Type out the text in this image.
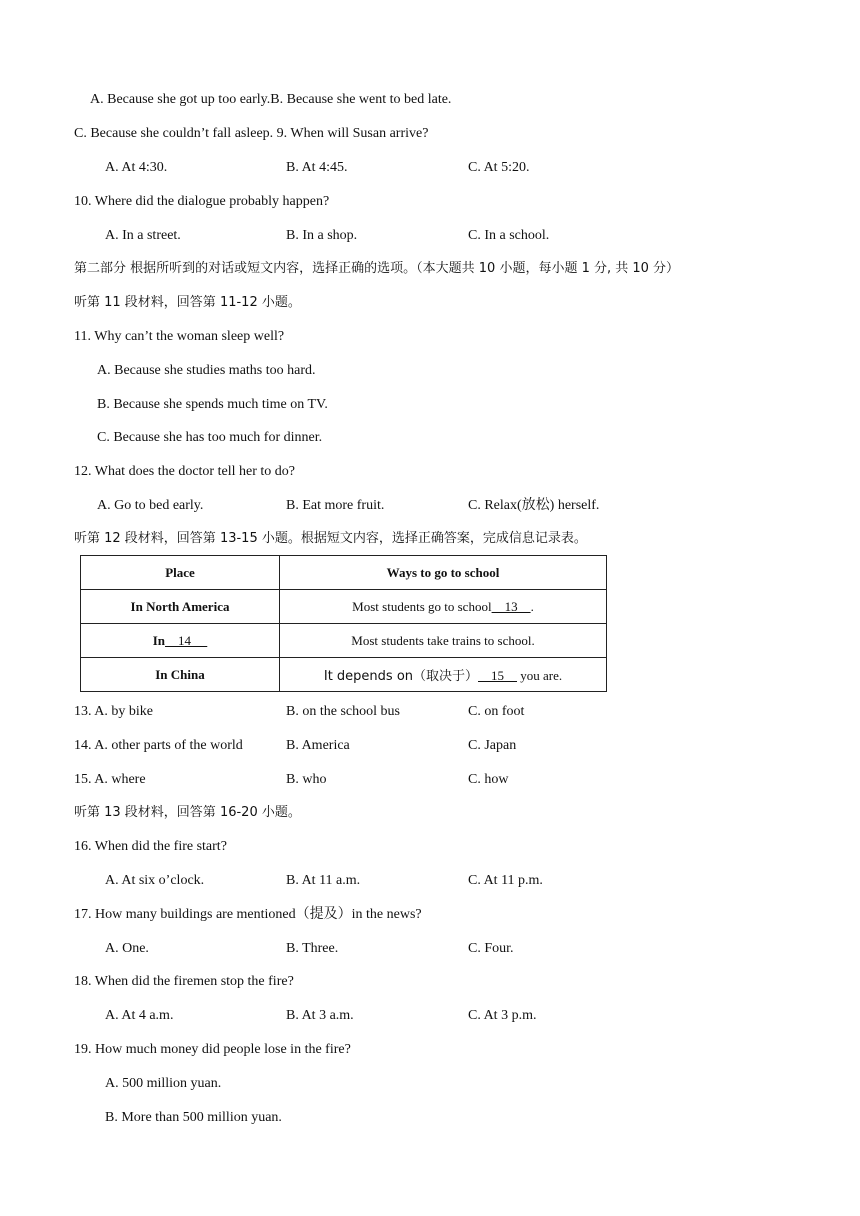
A. Because she got up too early.B. Because she went to bed late.
C. Because she couldn’t fall asleep. 9. When will Susan arrive?
A. At 4:30.	B. At 4:45.	C. At 5:20.
10. Where did the dialogue probably happen?
A. In a street.	B. In a shop.	C. In a school.
第二部分 根据所听到的对话或短文内容，选择正确的选项。（本大题共 10 小题，每小题 1 分, 共 10 分）
听第 11 段材料，回答第 11-12 小题。
11. Why can’t the woman sleep well?
A. Because she studies maths too hard.
B. Because she spends much time on TV.
C. Because she has too much for dinner.
12. What does the doctor tell her to do?
A. Go to bed early.	B. Eat more fruit.	C. Relax(放松) herself.
听第 12 段材料，回答第 13-15 小题。根据短文内容，选择正确答案，完成信息记录表。
Place	Ways to go to school
In North America	Most students go to school    13    .
In    14	Most students take trains to school.
In China	It depends on（取决于）    15     you are.
13. A. by bike	B. on the school bus	C. on foot
14. A. other parts of the world	B. America	C. Japan
15. A. where	B. who	C. how
听第 13 段材料，回答第 16-20 小题。
16. When did the fire start?
A. At six o’clock.	B. At 11 a.m.	C. At 11 p.m.
17. How many buildings are mentioned（提及）in the news?
A. One.	B. Three.	C. Four.
18. When did the firemen stop the fire?
A. At 4 a.m.	B. At 3 a.m.	C. At 3 p.m.
19. How much money did people lose in the fire?
A. 500 million yuan.
B. More than 500 million yuan.
